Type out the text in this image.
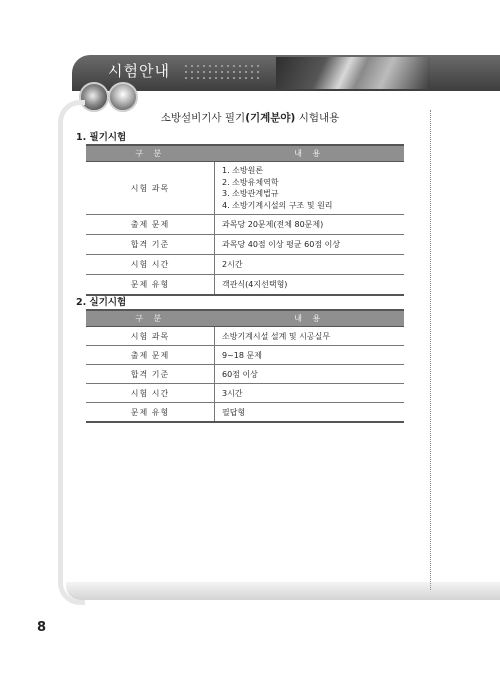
시험안내
소방설비기사 필기(기계분야) 시험내용
1. 필기시험
구 분	내 용
시험 과목	1. 소방원론
2. 소방유체역학
3. 소방관계법규
4. 소방기계시설의 구조 및 원리

출제 문제	과목당 20문제(전체 80문제)
합격 기준	과목당 40점 이상 평균 60점 이상
시험 시간	2시간
문제 유형	객관식(4지선택형)
2. 실기시험
구 분	내 용
시험 과목	소방기계시설 설계 및 시공실무
출제 문제	9~18 문제
합격 기준	60점 이상
시험 시간	3시간
문제 유형	필답형
8
